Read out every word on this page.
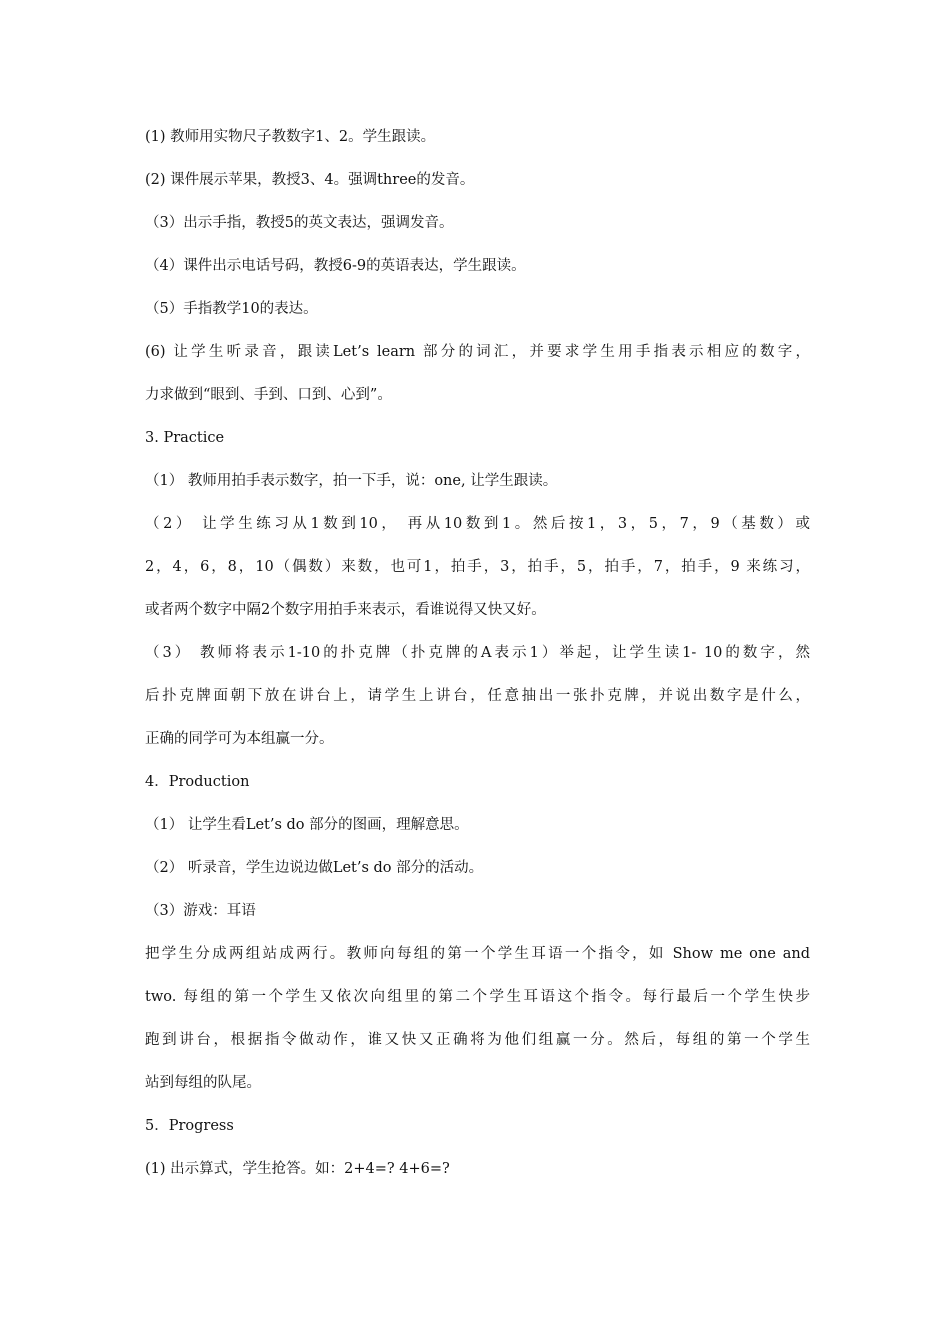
(1) 教师用实物尺子教数字1、2。学生跟读。
(2) 课件展示苹果，教授3、4。强调three的发音。
（3）出示手指，教授5的英文表达，强调发音。
（4）课件出示电话号码，教授6-9的英语表达，学生跟读。
（5）手指教学10的表达。
(6) 让学生听录音，跟读Let’s learn 部分的词汇，并要求学生用手指表示相应的数字，
力求做到“眼到、手到、口到、心到”。
3. Practice
（1） 教师用拍手表示数字，拍一下手，说：one, 让学生跟读。
（2） 让学生练习从1数到10， 再从10数到1。然后按1，3，5，7，9（基数）或
2，4，6，8，10（偶数）来数，也可1，拍手，3，拍手，5，拍手，7，拍手，9 来练习，
或者两个数字中隔2个数字用拍手来表示，看谁说得又快又好。
（3） 教师将表示1-10的扑克牌（扑克牌的A表示1）举起，让学生读1- 10的数字，然
后扑克牌面朝下放在讲台上，请学生上讲台，任意抽出一张扑克牌，并说出数字是什么，
正确的同学可为本组赢一分。
4．Production
（1） 让学生看Let’s do 部分的图画，理解意思。
（2） 听录音，学生边说边做Let’s do 部分的活动。
（3）游戏：耳语
把学生分成两组站成两行。教师向每组的第一个学生耳语一个指令，如 Show me one and
two. 每组的第一个学生又依次向组里的第二个学生耳语这个指令。每行最后一个学生快步
跑到讲台，根据指令做动作，谁又快又正确将为他们组赢一分。然后，每组的第一个学生
站到每组的队尾。
5．Progress
(1) 出示算式，学生抢答。如：2+4=? 4+6=?
